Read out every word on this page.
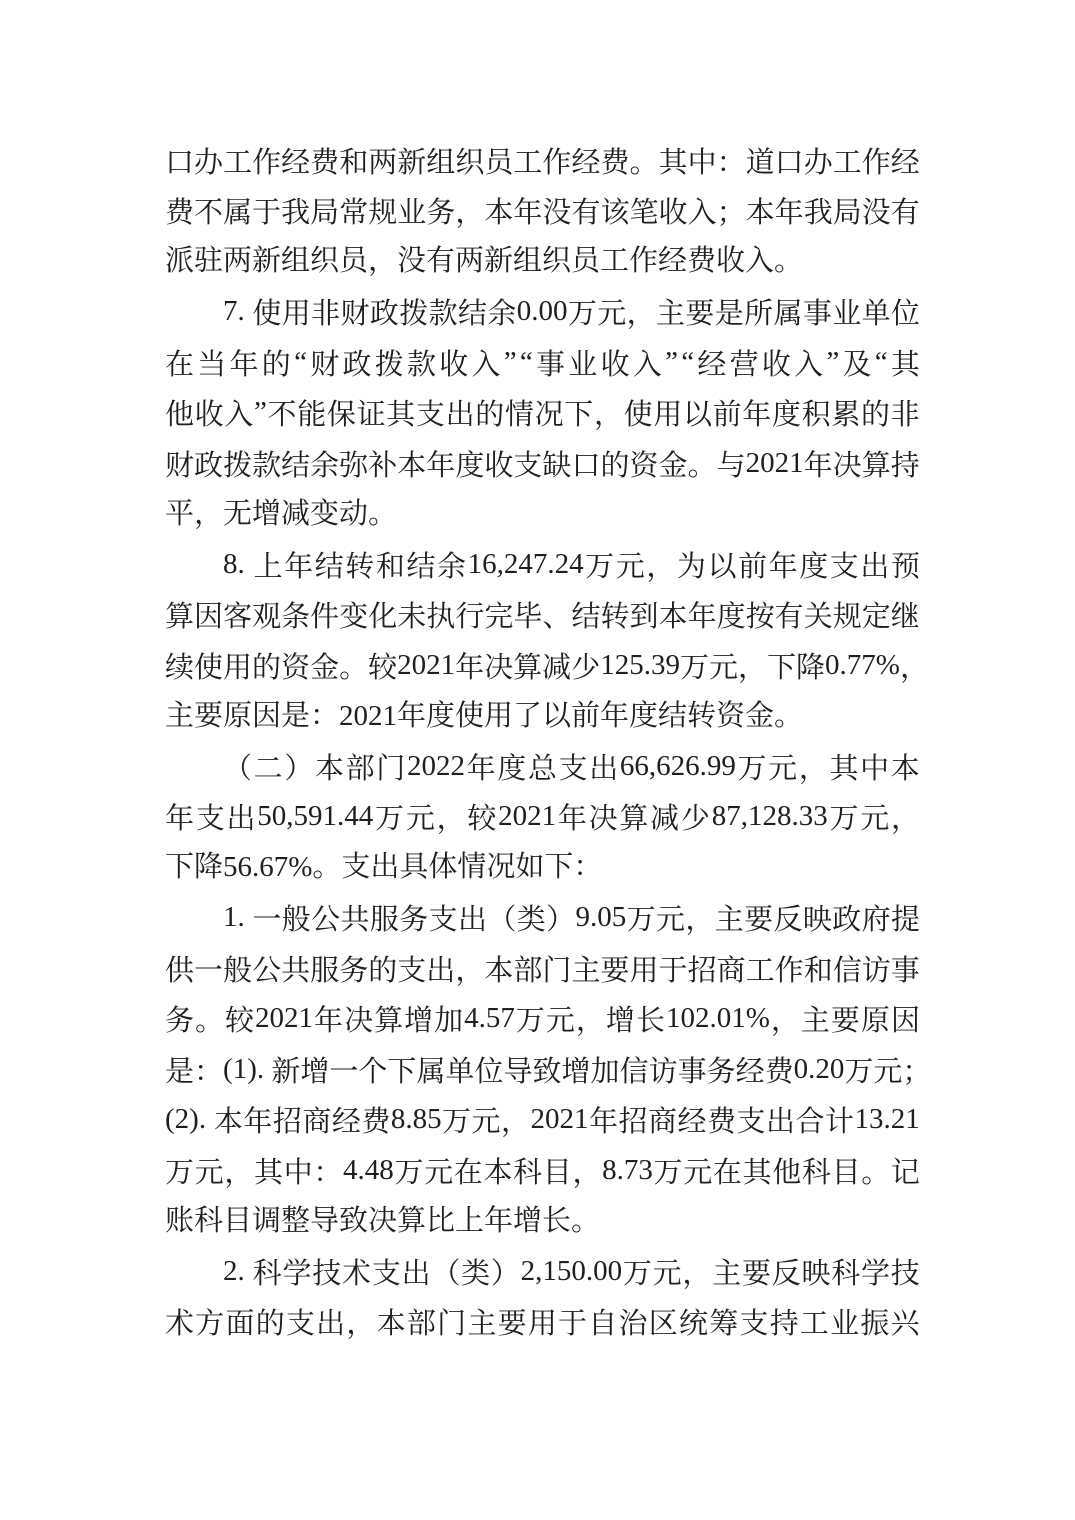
口 办 工 作 经 费 和 两 新 组 织 员 工 作 经 费 。 其 中 ： 道 口 办 工 作 经
费 不 属 于 我 局 常 规 业 务 ， 本 年 没 有 该 笔 收 入 ； 本 年 我 局 没 有
派驻两新组织员，没有两新组织员工作经费收入。
7. 使 用 非 财 政 拨 款 结 余 0.00 万 元 ， 主 要 是 所 属 事 业 单 位
在 当 年 的 “ 财 政 拨 款 收 入 ” “ 事 业 收 入 ” “ 经 营 收 入 ” 及 “ 其
他 收 入 ” 不 能 保 证 其 支 出 的 情 况 下 ， 使 用 以 前 年 度 积 累 的 非
财 政 拨 款 结 余 弥 补 本 年 度 收 支 缺 口 的 资 金 。 与 2021 年 决 算 持
平，无增减变动。
8. 上 年 结 转 和 结 余 16,247.24 万 元 ， 为 以 前 年 度 支 出 预
算 因 客 观 条 件 变 化 未 执 行 完 毕 、 结 转 到 本 年 度 按 有 关 规 定 继
续 使 用 的 资 金 。 较 2021 年 决 算 减 少 125.39 万 元 ， 下 降 0.77% ，
主要原因是：2021年度使用了以前年度结转资金。
（ 二 ） 本 部 门 2022 年 度 总 支 出 66,626.99 万 元 ， 其 中 本
年 支 出 50,591.44 万 元 ， 较 2021 年 决 算 减 少 87,128.33 万 元 ，
下降56.67%。支出具体情况如下：
1. 一 般 公 共 服 务 支 出 （ 类 ） 9.05 万 元 ， 主 要 反 映 政 府 提
供 一 般 公 共 服 务 的 支 出 ， 本 部 门 主 要 用 于 招 商 工 作 和 信 访 事
务 。 较 2021 年 决 算 增 加 4.57 万 元 ， 增 长 102.01% ， 主 要 原 因
是 ： (1). 新 增 一 个 下 属 单 位 导 致 增 加 信 访 事 务 经 费 0.20 万 元 ；
(2). 本 年 招 商 经 费 8.85 万 元 ， 2021 年 招 商 经 费 支 出 合 计 13.21
万 元 ， 其 中 ： 4.48 万 元 在 本 科 目 ， 8.73 万 元 在 其 他 科 目 。 记
账科目调整导致决算比上年增长。
2. 科 学 技 术 支 出 （ 类 ） 2,150.00 万 元 ， 主 要 反 映 科 学 技
术 方 面 的 支 出 ， 本 部 门 主 要 用 于 自 治 区 统 筹 支 持 工 业 振 兴
